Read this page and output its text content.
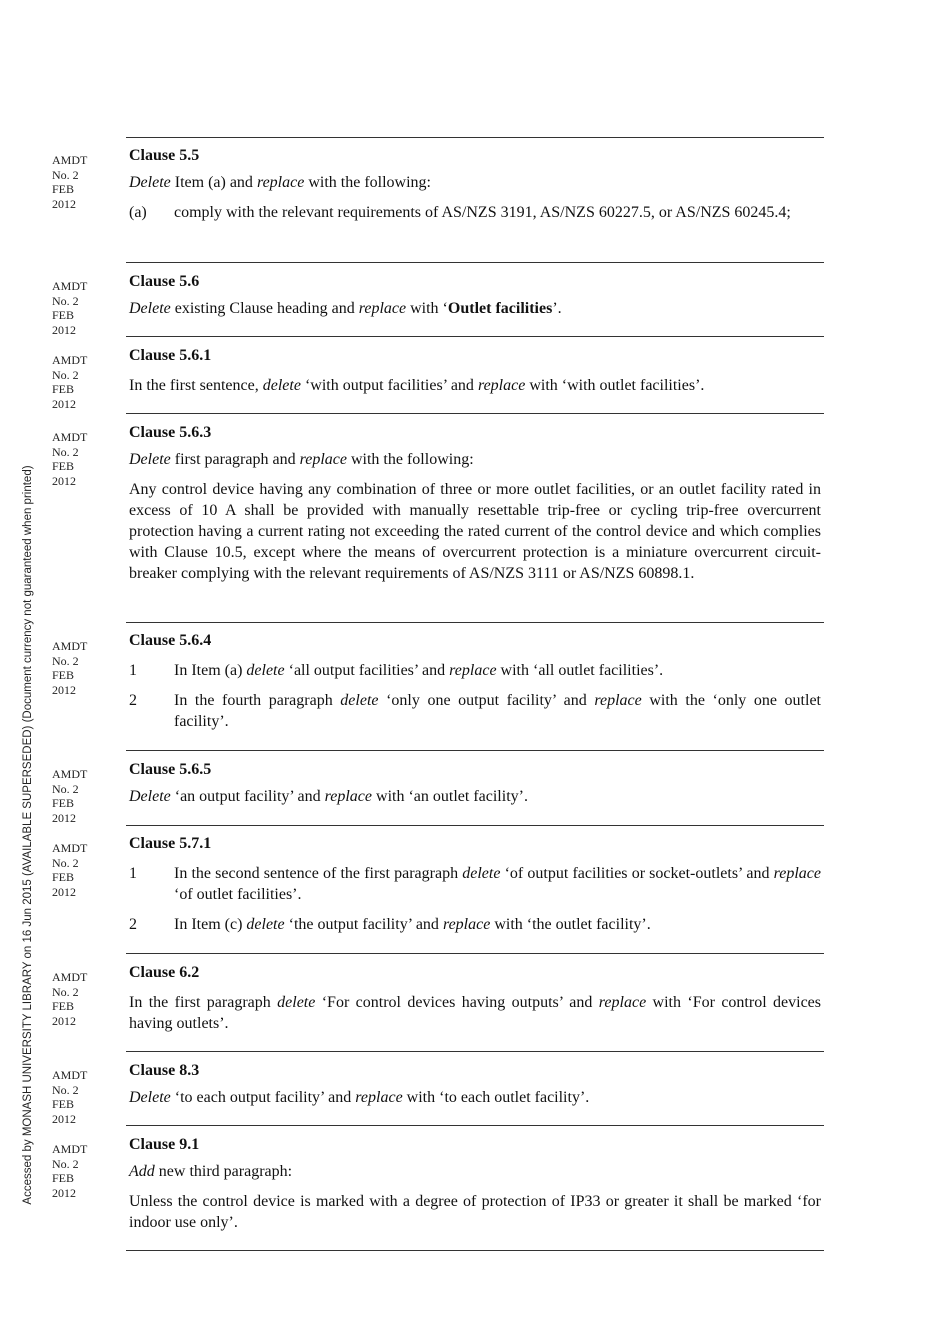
Accessed by MONASH UNIVERSITY LIBRARY on 16 Jun 2015 (AVAILABLE SUPERSEDED) (Document currency not guaranteed when printed)
AMDT
No. 2
FEB
2012
AMDT
No. 2
FEB
2012
AMDT
No. 2
FEB
2012
AMDT
No. 2
FEB
2012
AMDT
No. 2
FEB
2012
AMDT
No. 2
FEB
2012
AMDT
No. 2
FEB
2012
AMDT
No. 2
FEB
2012
AMDT
No. 2
FEB
2012
AMDT
No. 2
FEB
2012
Clause 5.5
Delete Item (a) and replace with the following:
(a)	comply with the relevant requirements of AS/NZS 3191, AS/NZS 60227.5, or AS/NZS 60245.4;
Clause 5.6
Delete existing Clause heading and replace with ‘Outlet facilities’.
Clause 5.6.1
In the first sentence, delete ‘with output facilities’ and replace with ‘with outlet facilities’.
Clause 5.6.3
Delete first paragraph and replace with the following:
Any control device having any combination of three or more outlet facilities, or an outlet facility rated in excess of 10 A shall be provided with manually resettable trip-free or cycling trip-free overcurrent protection having a current rating not exceeding the rated current of the control device and which complies with Clause 10.5, except where the means of overcurrent protection is a miniature overcurrent circuit-breaker complying with the relevant requirements of AS/NZS 3111 or AS/NZS 60898.1.
Clause 5.6.4
1	In Item (a) delete ‘all output facilities’ and replace with ‘all outlet facilities’.
2	In the fourth paragraph delete ‘only one output facility’ and replace with the ‘only one outlet facility’.
Clause 5.6.5
Delete ‘an output facility’ and replace with ‘an outlet facility’.
Clause 5.7.1
1	In the second sentence of the first paragraph delete ‘of output facilities or socket-outlets’ and replace ‘of outlet facilities’.
2	In Item (c) delete ‘the output facility’ and replace with ‘the outlet facility’.
Clause 6.2
In the first paragraph delete ‘For control devices having outputs’ and replace with ‘For control devices having outlets’.
Clause 8.3
Delete ‘to each output facility’ and replace with ‘to each outlet facility’.
Clause 9.1
Add new third paragraph:
Unless the control device is marked with a degree of protection of IP33 or greater it shall be marked ‘for indoor use only’.
